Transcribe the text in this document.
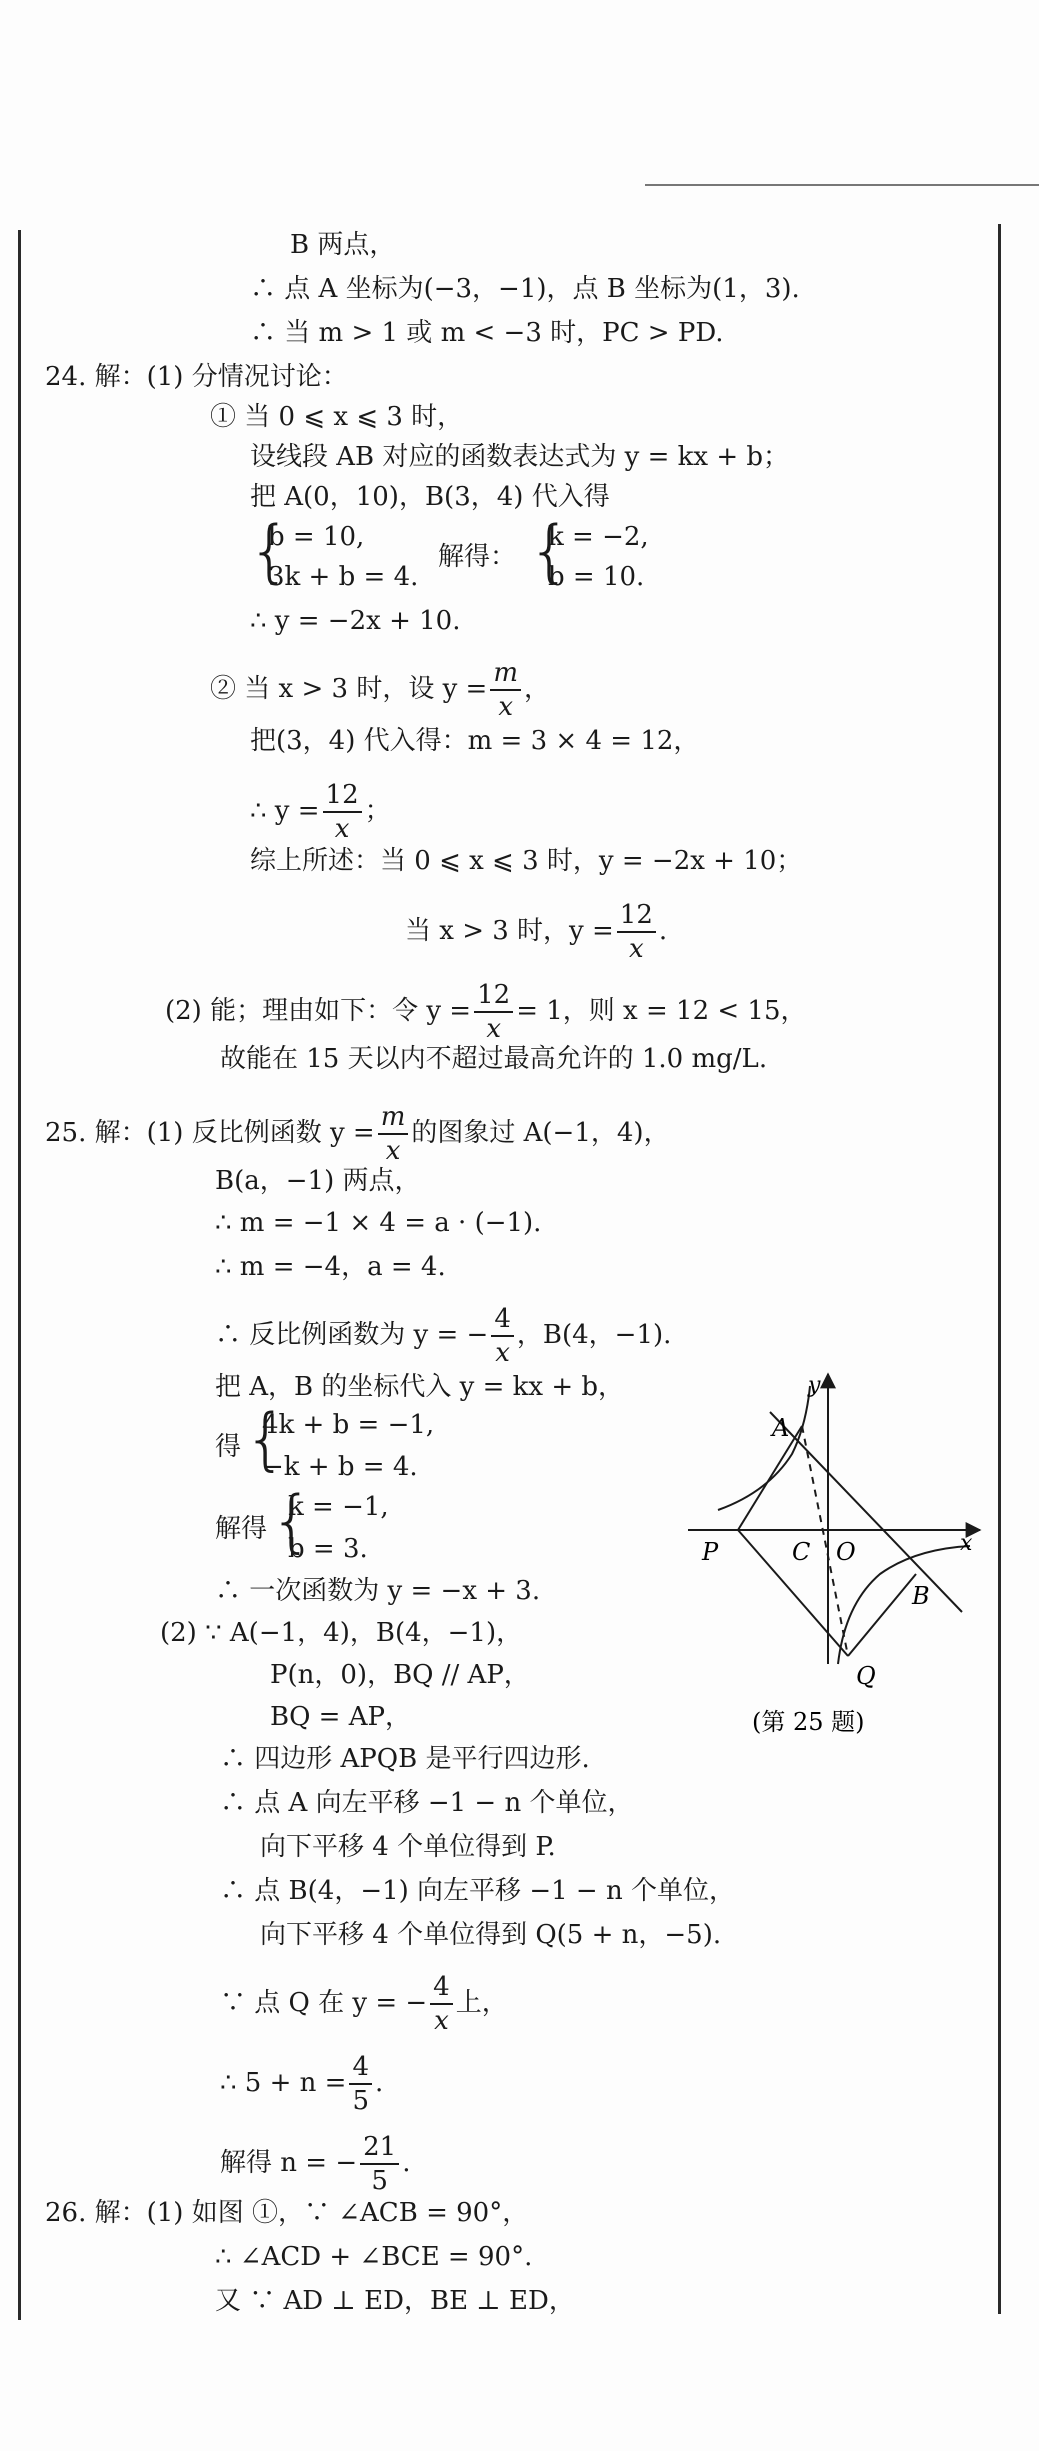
B 两点，
∴ 点 A 坐标为(−3，−1)，点 B 坐标为(1，3).
∴ 当 m > 1 或 m < −3 时，PC > PD.
24. 解：(1) 分情况讨论：
① 当 0 ⩽ x ⩽ 3 时，
设线段 AB 对应的函数表达式为 y = kx + b；
把 A(0，10)，B(3，4) 代入得
{
b = 10,
3k + b = 4.
解得： {
k = −2,
b = 10.
∴ y = −2x + 10.
② 当 x > 3 时，设 $y = \frac{m}{x}$ ，
把(3，4) 代入得：m = 3 × 4 = 12，
∴ $y = \frac{12}{x}$ ；
综上所述：当 0 ⩽ x ⩽ 3 时，y = −2x + 10；
当 x > 3 时，$y = \frac{12}{x}$ .
(2) 能；理由如下：令 $y = \frac{12}{x} = 1$，则 x = 12 < 15，
故能在 15 天以内不超过最高允许的 1.0 mg/L.
25. 解：(1) 反比例函数 $y = \frac{m}{x}$ 的图象过 A(−1，4)，
B(a，−1) 两点，
∴ m = −1 × 4 = a · (−1).
∴ m = −4，a = 4.
∴ 反比例函数为 y = − $\frac{4}{x}$ ，B(4，−1).
把 A，B 的坐标代入 y = kx + b，
得 {
4k + b = −1,
−k + b = 4.
解得 {
k = −1,
b = 3.
∴ 一次函数为 y = −x + 3.
(2) ∵ A(−1，4)，B(4，−1)，
P(n，0)，BQ // AP，
BQ = AP，
∴ 四边形 APQB 是平行四边形.
∴ 点 A 向左平移 −1 − n 个单位，
向下平移 4 个单位得到 P.
∴ 点 B(4，−1) 向左平移 −1 − n 个单位，
向下平移 4 个单位得到 Q(5 + n，−5).
∵ 点 Q 在 y = − $\frac{4}{x}$ 上，
∴ $5 + n = \frac{4}{5}$ .
解得 n = − $\frac{21}{5}$ .
26. 解：(1) 如图 ①，∵ ∠ACB = 90°，
∴ ∠ACD + ∠BCE = 90°.
又 ∵ AD ⊥ ED，BE ⊥ ED，
y
x
A
P	C O
B
Q
(第 25 题)
